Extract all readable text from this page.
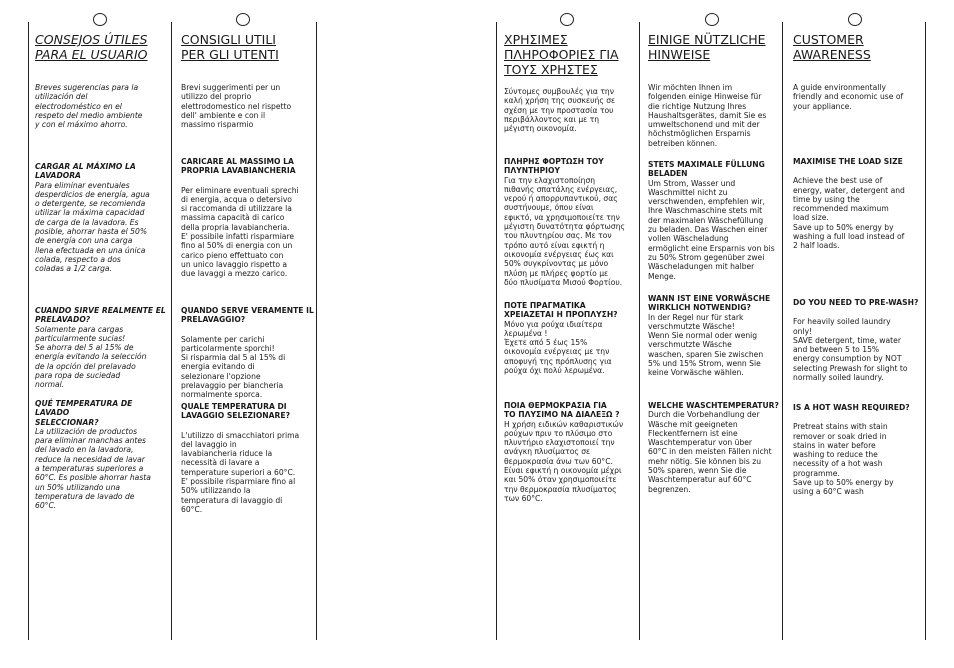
CONSEJOS ÚTILES
PARA EL USUARIO

Breves sugerencias para la
utilización del
electrodoméstico en el
respeto del medio ambiente
y con el máximo ahorro.

CARGAR AL MÁXIMO LA
LAVADORA

Para eliminar eventuales
desperdicios de energía, agua
o detergente, se recomienda
utilizar la máxima capacidad
de carga de la lavadora. Es
posible, ahorrar hasta el 50%
de energía con una carga
llena efectuada en una única
colada, respecto a dos
coladas a 1/2 carga.

CUANDO SIRVE REALMENTE EL
PRELAVADO?

Solamente para cargas
particularmente sucias!
Se ahorra del 5 al 15% de
energía evitando la selección
de la opción del prelavado
para ropa de suciedad
normal.

QUÉ TEMPERATURA DE LAVADO
SELECCIONAR?

La utilización de productos
para eliminar manchas antes
del lavado en la lavadora,
reduce la necesidad de lavar
a temperaturas superiores a
60°C. Es posible ahorrar hasta
un 50% utilizando una
temperatura de lavado de
60°C.

CONSIGLI UTILI
PER GLI UTENTI

Brevi suggerimenti per un
utilizzo del proprio
elettrodomestico nel rispetto
dell' ambiente e con il
massimo risparmio

CARICARE AL MASSIMO LA
PROPRIA LAVABIANCHERIA

Per eliminare eventuali sprechi
di energia, acqua o detersivo
si raccomanda di utilizzare la
massima capacità di carico
della propria lavabiancheria.
E' possibile infatti risparmiare
fino al 50% di energia con un
carico pieno effettuato con
un unico lavaggio rispetto a
due lavaggi a mezzo carico.

QUANDO SERVE VERAMENTE IL
PRELAVAGGIO?

Solamente per carichi
particolarmente sporchi!
Si risparmia dal 5 al 15% di
energia evitando di
selezionare l'opzione
prelavaggio per biancheria
normalmente sporca.

QUALE TEMPERATURA DI
LAVAGGIO SELEZIONARE?

L'utilizzo di smacchiatori prima
del lavaggio in
lavabiancheria riduce la
necessità di lavare a
temperature superiori a 60°C.
E' possibile risparmiare fino al
50% utilizzando la
temperatura di lavaggio di
60°C.

ΧΡΗΣΙΜΕΣ
ΠΛΗΡΟΦΟΡΙΕΣ ΓΙΑ
ΤΟΥΣ ΧΡΗΣΤΕΣ

Σύντομες συμβουλές για την
καλή χρήση της συσκευής σε
σχέση με την προστασία του
περιβάλλοντος και με τη
μέγιστη οικονομία.

ΠΛΗΡΗΣ ΦΟΡΤΩΣΗ ΤΟΥ
ΠΛΥΝΤΗΡΙΟΥ

Για την ελαχιστοποίηση
πιθανής σπατάλης ενέργειας,
νερού ή απορρυπαντικού, σας
συστήνουμε, όπου είναι
εφικτό, να χρησιμοποιείτε την
μέγιστη δυνατότητα φόρτωσης
του πλυντηρίου σας. Με τον
τρόπο αυτό είναι εφικτή η
οικονομία ενέργειας έως και
50% συγκρίνοντας με μόνο
πλύση με πλήρες φορτίο με
δύο πλυσίματα Μισού Φορτίου.

ΠΟΤΕ ΠΡΑΓΜΑΤΙΚΑ
ΧΡΕΙΑΖΕΤΑΙ Η ΠΡΟΠΛΥΣΗ?

Μόνο για ρούχα ιδιαίτερα
λερωμένα !
Έχετε από 5 έως 15%
οικονομία ενέργειας με την
αποφυγή της πρόπλυσης για
ρούχα όχι πολύ λερωμένα.

ΠΟΙΑ ΘΕΡΜΟΚΡΑΣΙΑ ΓΙΑ
ΤΟ ΠΛΥΣΙΜΟ ΝΑ ΔΙΑΛΕΞΩ ?

Η χρήση ειδικών καθαριστικών
ρούχων πριν το πλύσιμο στο
πλυντήριο ελαχιστοποιεί την
ανάγκη πλυσίματος σε
θερμοκρασία άνω των 60°C.
Είναι εφικτή η οικονομία μέχρι
και 50% όταν χρησιμοποιείτε
την θερμοκρασία πλυσίματος
των 60°C.

EINIGE NÜTZLICHE
HINWEISE

Wir möchten Ihnen im
folgenden einige Hinweise für
die richtige Nutzung Ihres
Haushaltsgerätes, damit Sie es
umweltschonend und mit der
höchstmöglichen Ersparnis
betreiben können.

STETS MAXIMALE FÜLLUNG
BELADEN

Um Strom, Wasser und
Waschmittel nicht zu
verschwenden, empfehlen wir,
Ihre Waschmaschine stets mit
der maximalen Wäschefüllung
zu beladen. Das Waschen einer
vollen Wäscheladung
ermöglicht eine Ersparnis von bis
zu 50% Strom gegenüber zwei
Wäscheladungen mit halber
Menge.

WANN IST EINE VORWÄSCHE
WIRKLICH NOTWENDIG?

In der Regel nur für stark
verschmutzte Wäsche!
Wenn Sie normal oder wenig
verschmutzte Wäsche
waschen, sparen Sie zwischen
5% und 15% Strom, wenn Sie
keine Vorwäsche wählen.

WELCHE WASCHTEMPERATUR?

Durch die Vorbehandlung der
Wäsche mit geeigneten
Fleckentfernern ist eine
Waschtemperatur von über
60°C in den meisten Fällen nicht
mehr nötig. Sie können bis zu
50% sparen, wenn Sie die
Waschtemperatur auf 60°C
begrenzen.

CUSTOMER
AWARENESS

A guide environmentally
friendly and economic use of
your appliance.

MAXIMISE THE LOAD SIZE

Achieve the best use of
energy, water, detergent and
time by using the
recommended maximum
load size.
Save up to 50% energy by
washing a full load instead of
2 half loads.

DO YOU NEED TO PRE-WASH?

For heavily soiled laundry
only!
SAVE detergent, time, water
and between 5 to 15%
energy consumption by NOT
selecting Prewash for slight to
normally soiled laundry.

IS A HOT WASH REQUIRED?

Pretreat stains with stain
remover or soak dried in
stains in water before
washing to reduce the
necessity of a hot wash
programme.
Save up to 50% energy by
using a 60°C wash
